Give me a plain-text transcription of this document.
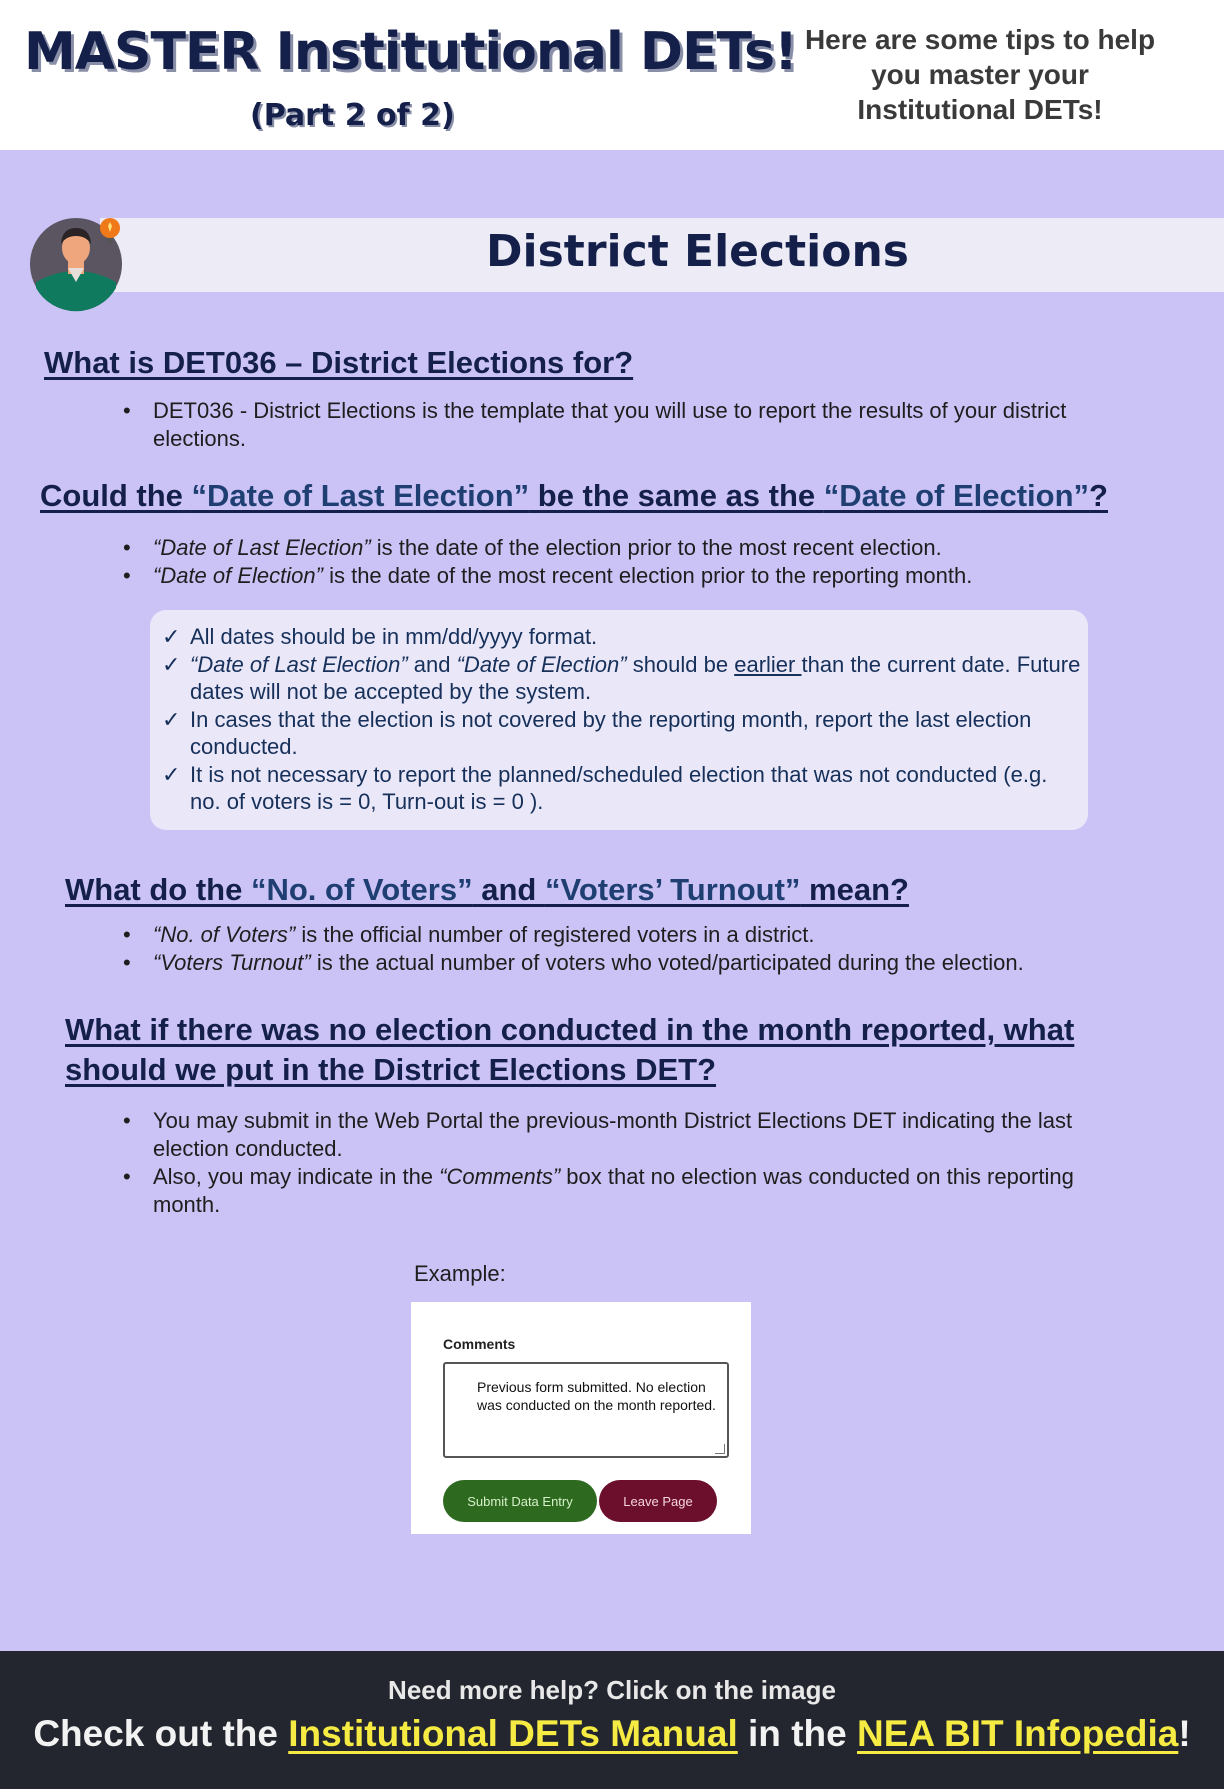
MASTER Institutional DETs!
(Part 2 of 2)
Here are some tips to help you master your Institutional DETs!
District Elections
What is DET036 – District Elections for?
• DET036 - District Elections is the template that you will use to report the results of your district elections.
Could the “Date of Last Election” be the same as the “Date of Election”?
• “Date of Last Election” is the date of the election prior to the most recent election.
• “Date of Election” is the date of the most recent election prior to the reporting month.
✓ All dates should be in mm/dd/yyyy format.
✓ “Date of Last Election” and “Date of Election” should be earlier than the current date. Future dates will not be accepted by the system.
✓ In cases that the election is not covered by the reporting month, report the last election conducted.
✓ It is not necessary to report the planned/scheduled election that was not conducted (e.g. no. of voters is = 0, Turn-out is = 0 ).
What do the “No. of Voters” and “Voters’ Turnout” mean?
• “No. of Voters” is the official number of registered voters in a district.
• “Voters Turnout” is the actual number of voters who voted/participated during the election.
What if there was no election conducted in the month reported, what should we put in the District Elections DET?
• You may submit in the Web Portal the previous-month District Elections DET indicating the last election conducted.
• Also, you may indicate in the “Comments” box that no election was conducted on this reporting month.
Example:
Comments
Previous form submitted. No election was conducted on the month reported.
Submit Data Entry	Leave Page
Need more help? Click on the image
Check out the Institutional DETs Manual in the NEA BIT Infopedia!
